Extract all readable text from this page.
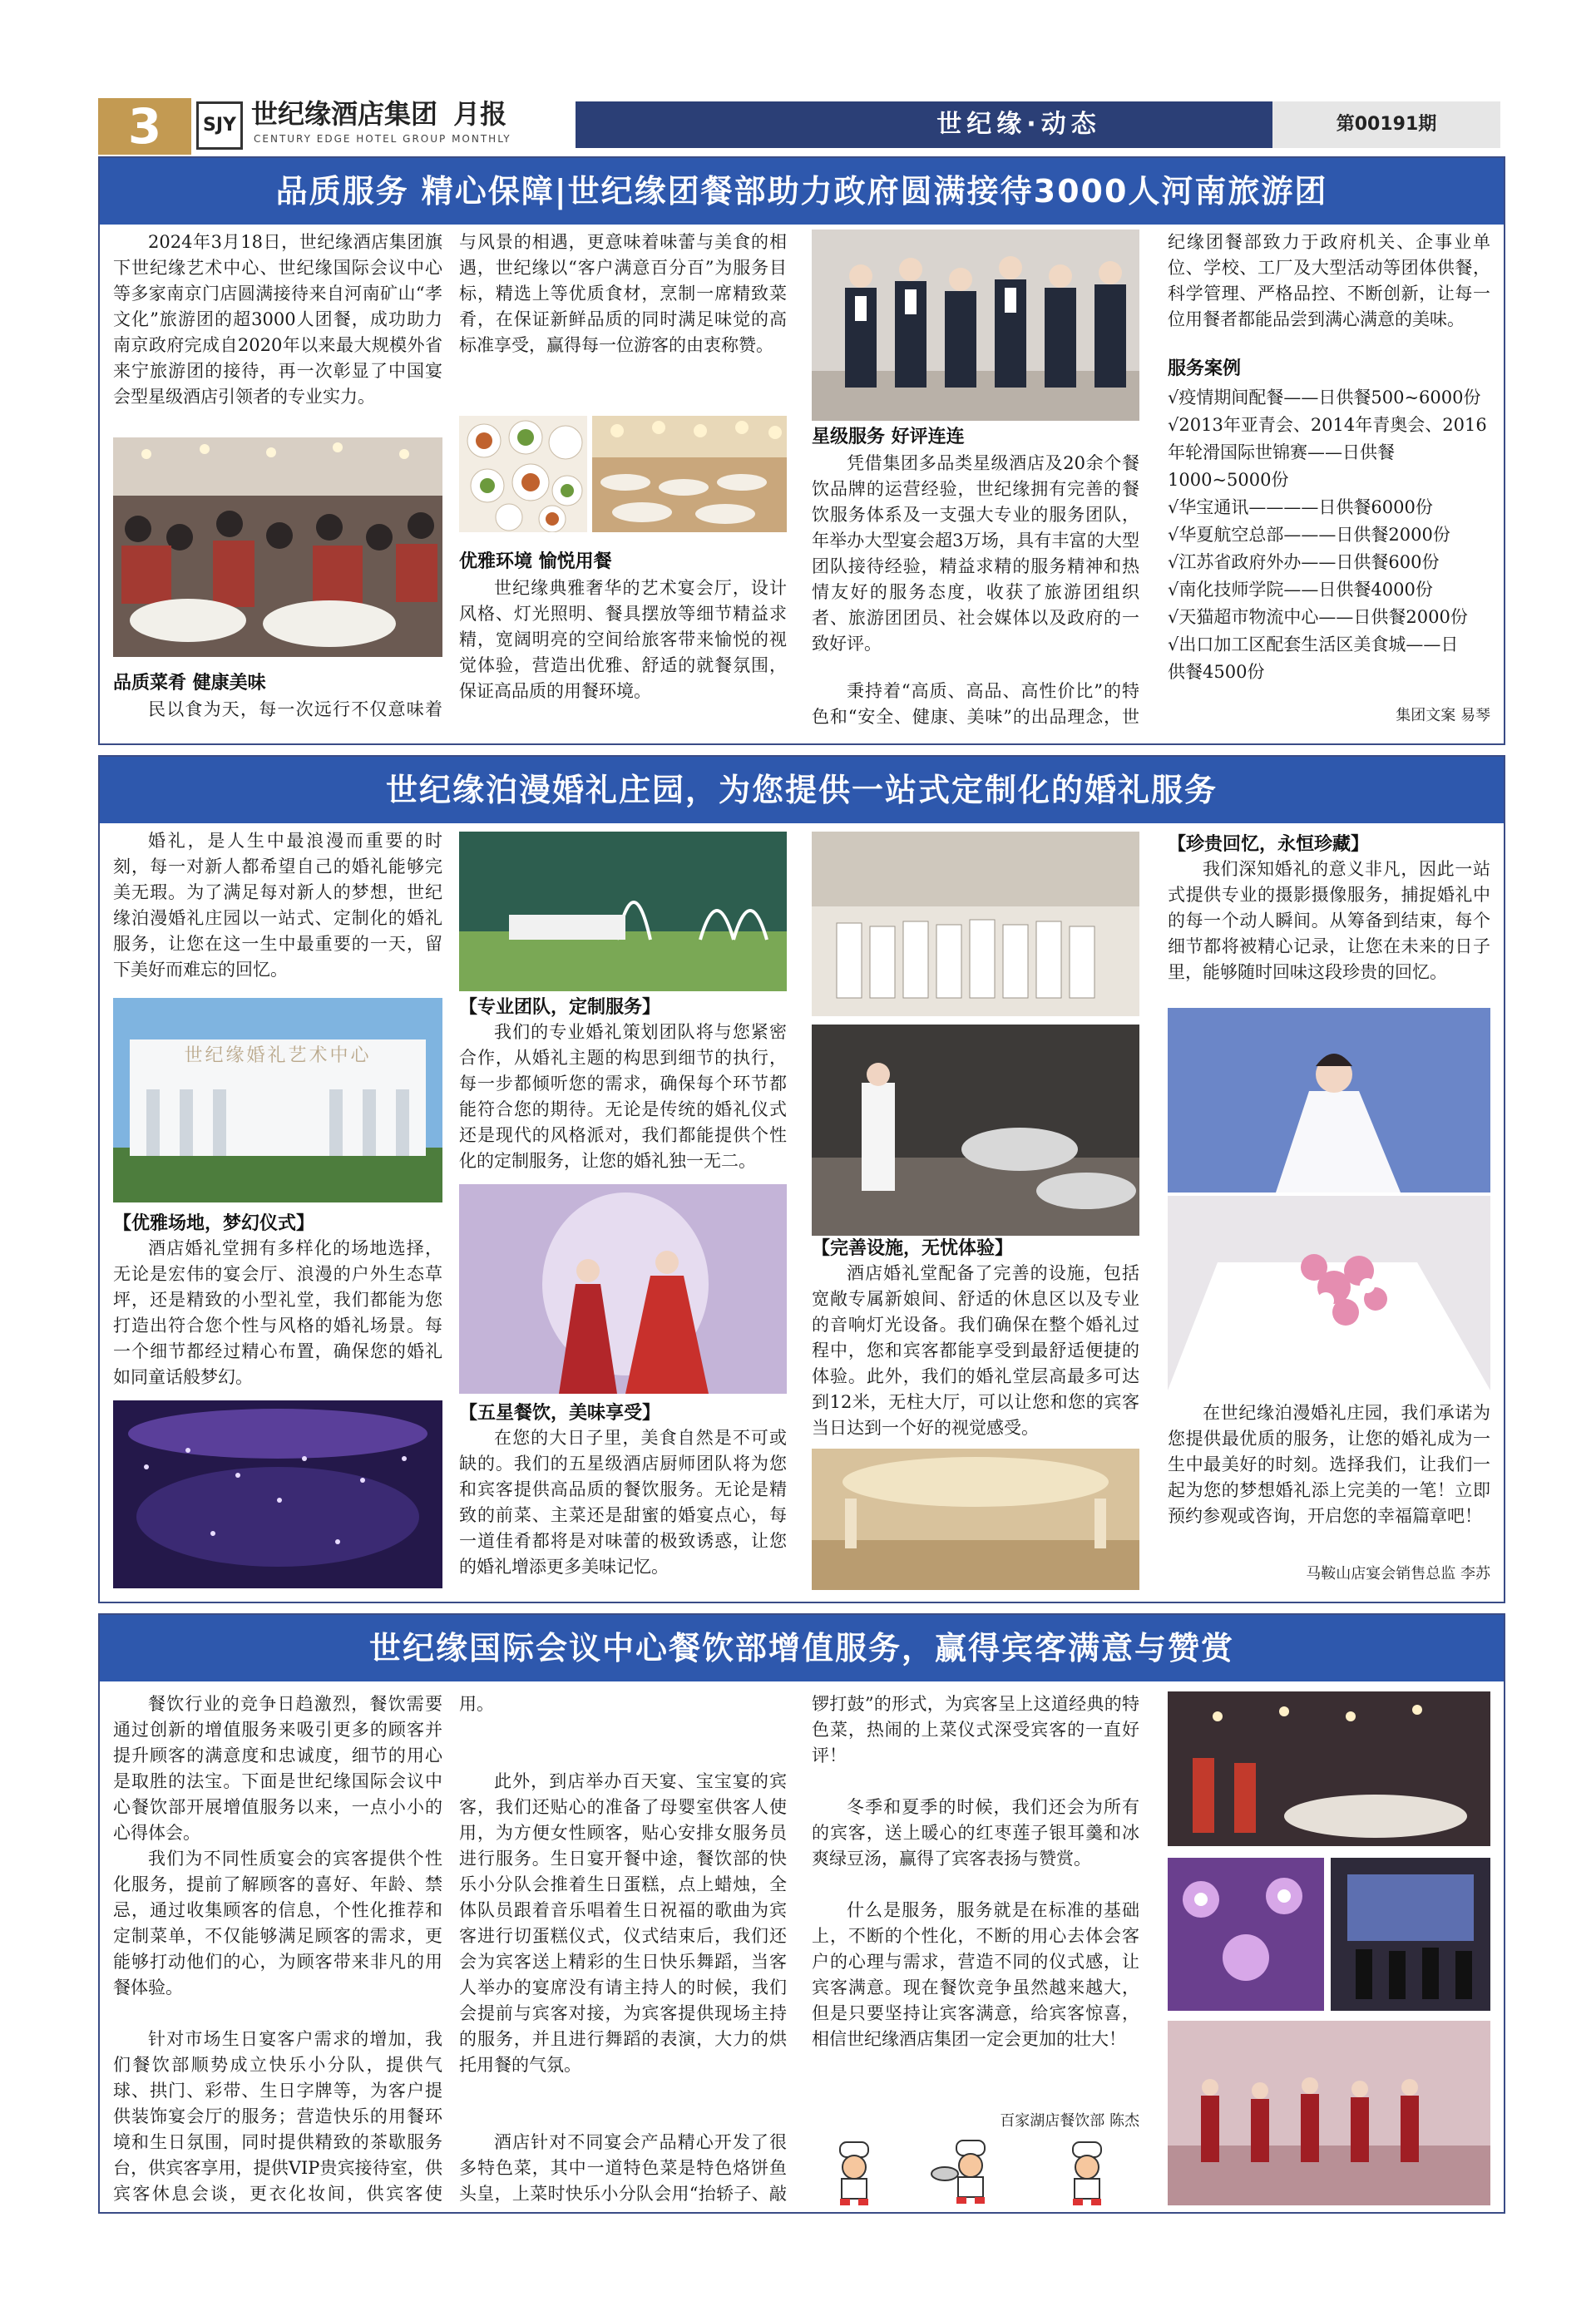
3	SJY 世纪缘酒店集团 月报
CENTURY EDGE HOTEL GROUP MONTHLY	世纪缘·动态	第00191期
品质服务 精心保障|世纪缘团餐部助力政府圆满接待3000人河南旅游团
2024年3月18日，世纪缘酒店集团旗下世纪缘艺术中心、世纪缘国际会议中心等多家南京门店圆满接待来自河南矿山“孝文化”旅游团的超3000人团餐，成功助力南京政府完成自2020年以来最大规模外省来宁旅游团的接待，再一次彰显了中国宴会型星级酒店引领者的专业实力。
品质菜肴 健康美味
民以食为天，每一次远行不仅意味着
与风景的相遇，更意味着味蕾与美食的相遇，世纪缘以“客户满意百分百”为服务目标，精选上等优质食材，烹制一席精致菜肴，在保证新鲜品质的同时满足味觉的高标准享受，赢得每一位游客的由衷称赞。
优雅环境 愉悦用餐
世纪缘典雅奢华的艺术宴会厅，设计风格、灯光照明、餐具摆放等细节精益求精，宽阔明亮的空间给旅客带来愉悦的视觉体验，营造出优雅、舒适的就餐氛围，保证高品质的用餐环境。
星级服务 好评连连
凭借集团多品类星级酒店及20余个餐饮品牌的运营经验，世纪缘拥有完善的餐饮服务体系及一支强大专业的服务团队，年举办大型宴会超3万场，具有丰富的大型团队接待经验，精益求精的服务精神和热情友好的服务态度，收获了旅游团组织者、旅游团团员、社会媒体以及政府的一致好评。
秉持着“高质、高品、高性价比”的特色和“安全、健康、美味”的出品理念，世
纪缘团餐部致力于政府机关、企事业单位、学校、工厂及大型活动等团体供餐，科学管理、严格品控、不断创新，让每一位用餐者都能品尝到满心满意的美味。
服务案例
√疫情期间配餐——日供餐500~6000份
√2013年亚青会、2014年青奥会、2016
年轮滑国际世锦赛——日供餐
1000~5000份
√华宝通讯————日供餐6000份
√华夏航空总部———日供餐2000份
√江苏省政府外办——日供餐600份
√南化技师学院——日供餐4000份
√天猫超市物流中心——日供餐2000份
√出口加工区配套生活区美食城——日
供餐4500份
集团文案 易琴
世纪缘泊漫婚礼庄园，为您提供一站式定制化的婚礼服务
婚礼，是人生中最浪漫而重要的时刻，每一对新人都希望自己的婚礼能够完美无瑕。为了满足每对新人的梦想，世纪缘泊漫婚礼庄园以一站式、定制化的婚礼服务，让您在这一生中最重要的一天，留下美好而难忘的回忆。
世纪缘婚礼艺术中心
【优雅场地，梦幻仪式】
酒店婚礼堂拥有多样化的场地选择，无论是宏伟的宴会厅、浪漫的户外生态草坪，还是精致的小型礼堂，我们都能为您打造出符合您个性与风格的婚礼场景。每一个细节都经过精心布置，确保您的婚礼如同童话般梦幻。
【专业团队，定制服务】
我们的专业婚礼策划团队将与您紧密合作，从婚礼主题的构思到细节的执行，每一步都倾听您的需求，确保每个环节都能符合您的期待。无论是传统的婚礼仪式还是现代的风格派对，我们都能提供个性化的定制服务，让您的婚礼独一无二。
【五星餐饮，美味享受】
在您的大日子里，美食自然是不可或缺的。我们的五星级酒店厨师团队将为您和宾客提供高品质的餐饮服务。无论是精致的前菜、主菜还是甜蜜的婚宴点心，每一道佳肴都将是对味蕾的极致诱惑，让您的婚礼增添更多美味记忆。
【完善设施，无忧体验】
酒店婚礼堂配备了完善的设施，包括宽敞专属新娘间、舒适的休息区以及专业的音响灯光设备。我们确保在整个婚礼过程中，您和宾客都能享受到最舒适便捷的体验。此外，我们的婚礼堂层高最多可达到12米，无柱大厅，可以让您和您的宾客当日达到一个好的视觉感受。
【珍贵回忆，永恒珍藏】
我们深知婚礼的意义非凡，因此一站式提供专业的摄影摄像服务，捕捉婚礼中的每一个动人瞬间。从筹备到结束，每个细节都将被精心记录，让您在未来的日子里，能够随时回味这段珍贵的回忆。
在世纪缘泊漫婚礼庄园，我们承诺为您提供最优质的服务，让您的婚礼成为一生中最美好的时刻。选择我们，让我们一起为您的梦想婚礼添上完美的一笔！立即预约参观或咨询，开启您的幸福篇章吧！
马鞍山店宴会销售总监 李苏
世纪缘国际会议中心餐饮部增值服务，赢得宾客满意与赞赏
餐饮行业的竞争日趋激烈，餐饮需要通过创新的增值服务来吸引更多的顾客并提升顾客的满意度和忠诚度，细节的用心是取胜的法宝。下面是世纪缘国际会议中心餐饮部开展增值服务以来，一点小小的心得体会。
我们为不同性质宴会的宾客提供个性化服务，提前了解顾客的喜好、年龄、禁忌，通过收集顾客的信息，个性化推荐和定制菜单，不仅能够满足顾客的需求，更能够打动他们的心，为顾客带来非凡的用餐体验。
针对市场生日宴客户需求的增加，我们餐饮部顺势成立快乐小分队，提供气球、拱门、彩带、生日字牌等，为客户提供装饰宴会厅的服务；营造快乐的用餐环境和生日氛围，同时提供精致的茶歇服务台，供宾客享用，提供VIP贵宾接待室，供宾客休息会谈，更衣化妆间，供宾客使
用。
此外，到店举办百天宴、宝宝宴的宾客，我们还贴心的准备了母婴室供客人使用，为方便女性顾客，贴心安排女服务员进行服务。生日宴开餐中途，餐饮部的快乐小分队会推着生日蛋糕，点上蜡烛，全体队员跟着音乐唱着生日祝福的歌曲为宾客进行切蛋糕仪式，仪式结束后，我们还会为宾客送上精彩的生日快乐舞蹈，当客人举办的宴席没有请主持人的时候，我们会提前与宾客对接，为宾客提供现场主持的服务，并且进行舞蹈的表演，大力的烘托用餐的气氛。
酒店针对不同宴会产品精心开发了很多特色菜，其中一道特色菜是特色烙饼鱼头皇，上菜时快乐小分队会用“抬轿子、敲
锣打鼓”的形式，为宾客呈上这道经典的特色菜，热闹的上菜仪式深受宾客的一直好评！
冬季和夏季的时候，我们还会为所有的宾客，送上暖心的红枣莲子银耳羹和冰爽绿豆汤，赢得了宾客表扬与赞赏。
什么是服务，服务就是在标准的基础上，不断的个性化，不断的用心去体会客户的心理与需求，营造不同的仪式感，让宾客满意。现在餐饮竞争虽然越来越大，但是只要坚持让宾客满意，给宾客惊喜，相信世纪缘酒店集团一定会更加的壮大！
百家湖店餐饮部 陈杰
